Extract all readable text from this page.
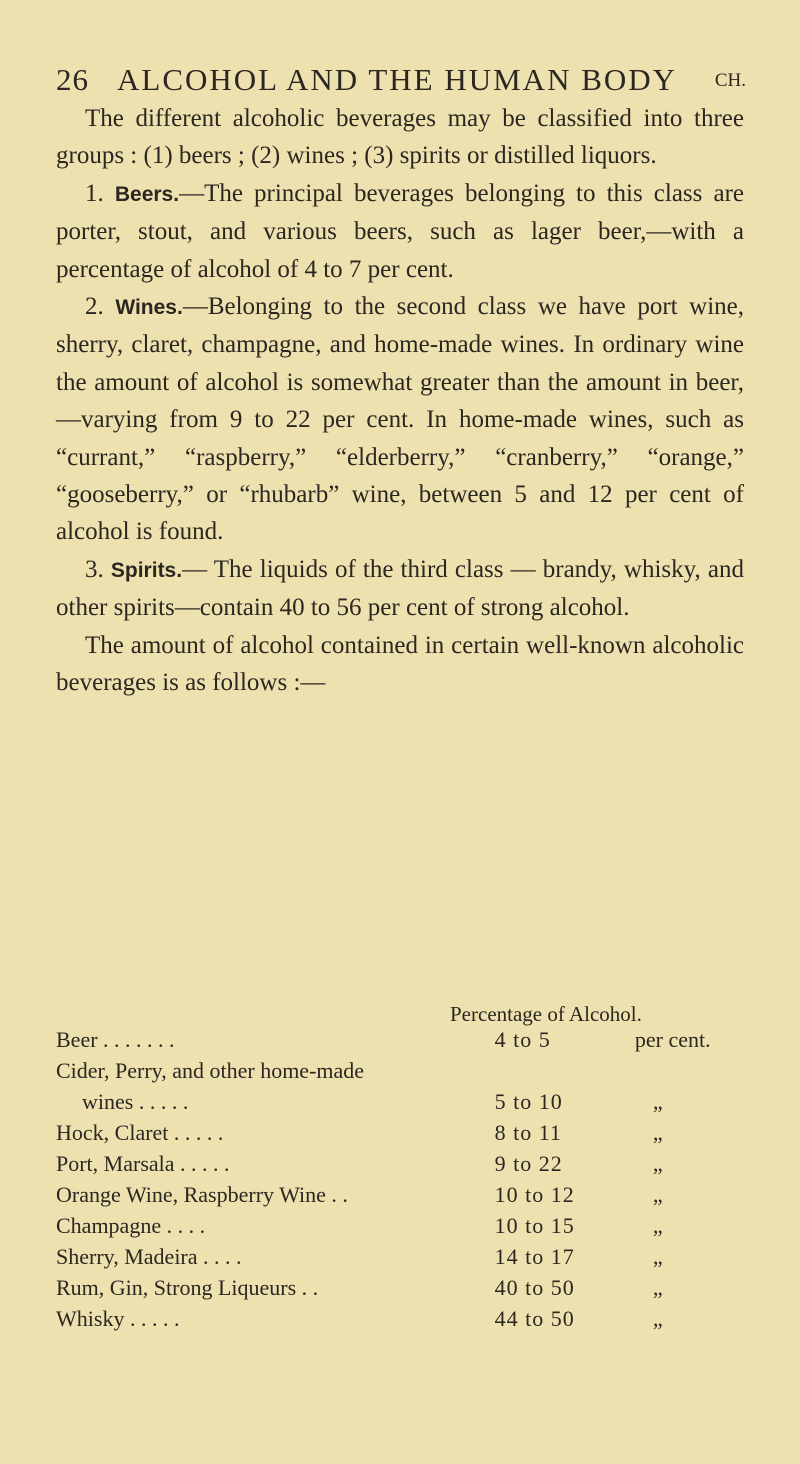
26 ALCOHOL AND THE HUMAN BODY CH.

The different alcoholic beverages may be classified into three groups : (1) beers ; (2) wines ; (3) spirits or distilled liquors.

1. Beers.—The principal beverages belonging to this class are porter, stout, and various beers, such as lager beer,—with a percentage of alcohol of 4 to 7 per cent.

2. Wines.—Belonging to the second class we have port wine, sherry, claret, champagne, and home-made wines. In ordinary wine the amount of alcohol is somewhat greater than the amount in beer,—varying from 9 to 22 per cent. In home-made wines, such as “currant,” “raspberry,” “elderberry,” “cranberry,” “orange,” “gooseberry,” or “rhubarb” wine, between 5 and 12 per cent of alcohol is found.

3. Spirits.— The liquids of the third class — brandy, whisky, and other spirits—contain 40 to 56 per cent of strong alcohol.

The amount of alcohol contained in certain well-known alcoholic beverages is as follows :—

Percentage of Alcohol.
Beer . . . . . . .	4 to 5	per cent.
Cider, Perry, and other home-made		
wines . . . . .	5 to 10	„
Hock, Claret . . . . .	8 to 11	„
Port, Marsala . . . . .	9 to 22	„
Orange Wine, Raspberry Wine . .	10 to 12	„
Champagne . . . .	10 to 15	„
Sherry, Madeira . . . .	14 to 17	„
Rum, Gin, Strong Liqueurs . .	40 to 50	„
Whisky . . . . .	44 to 50	„
